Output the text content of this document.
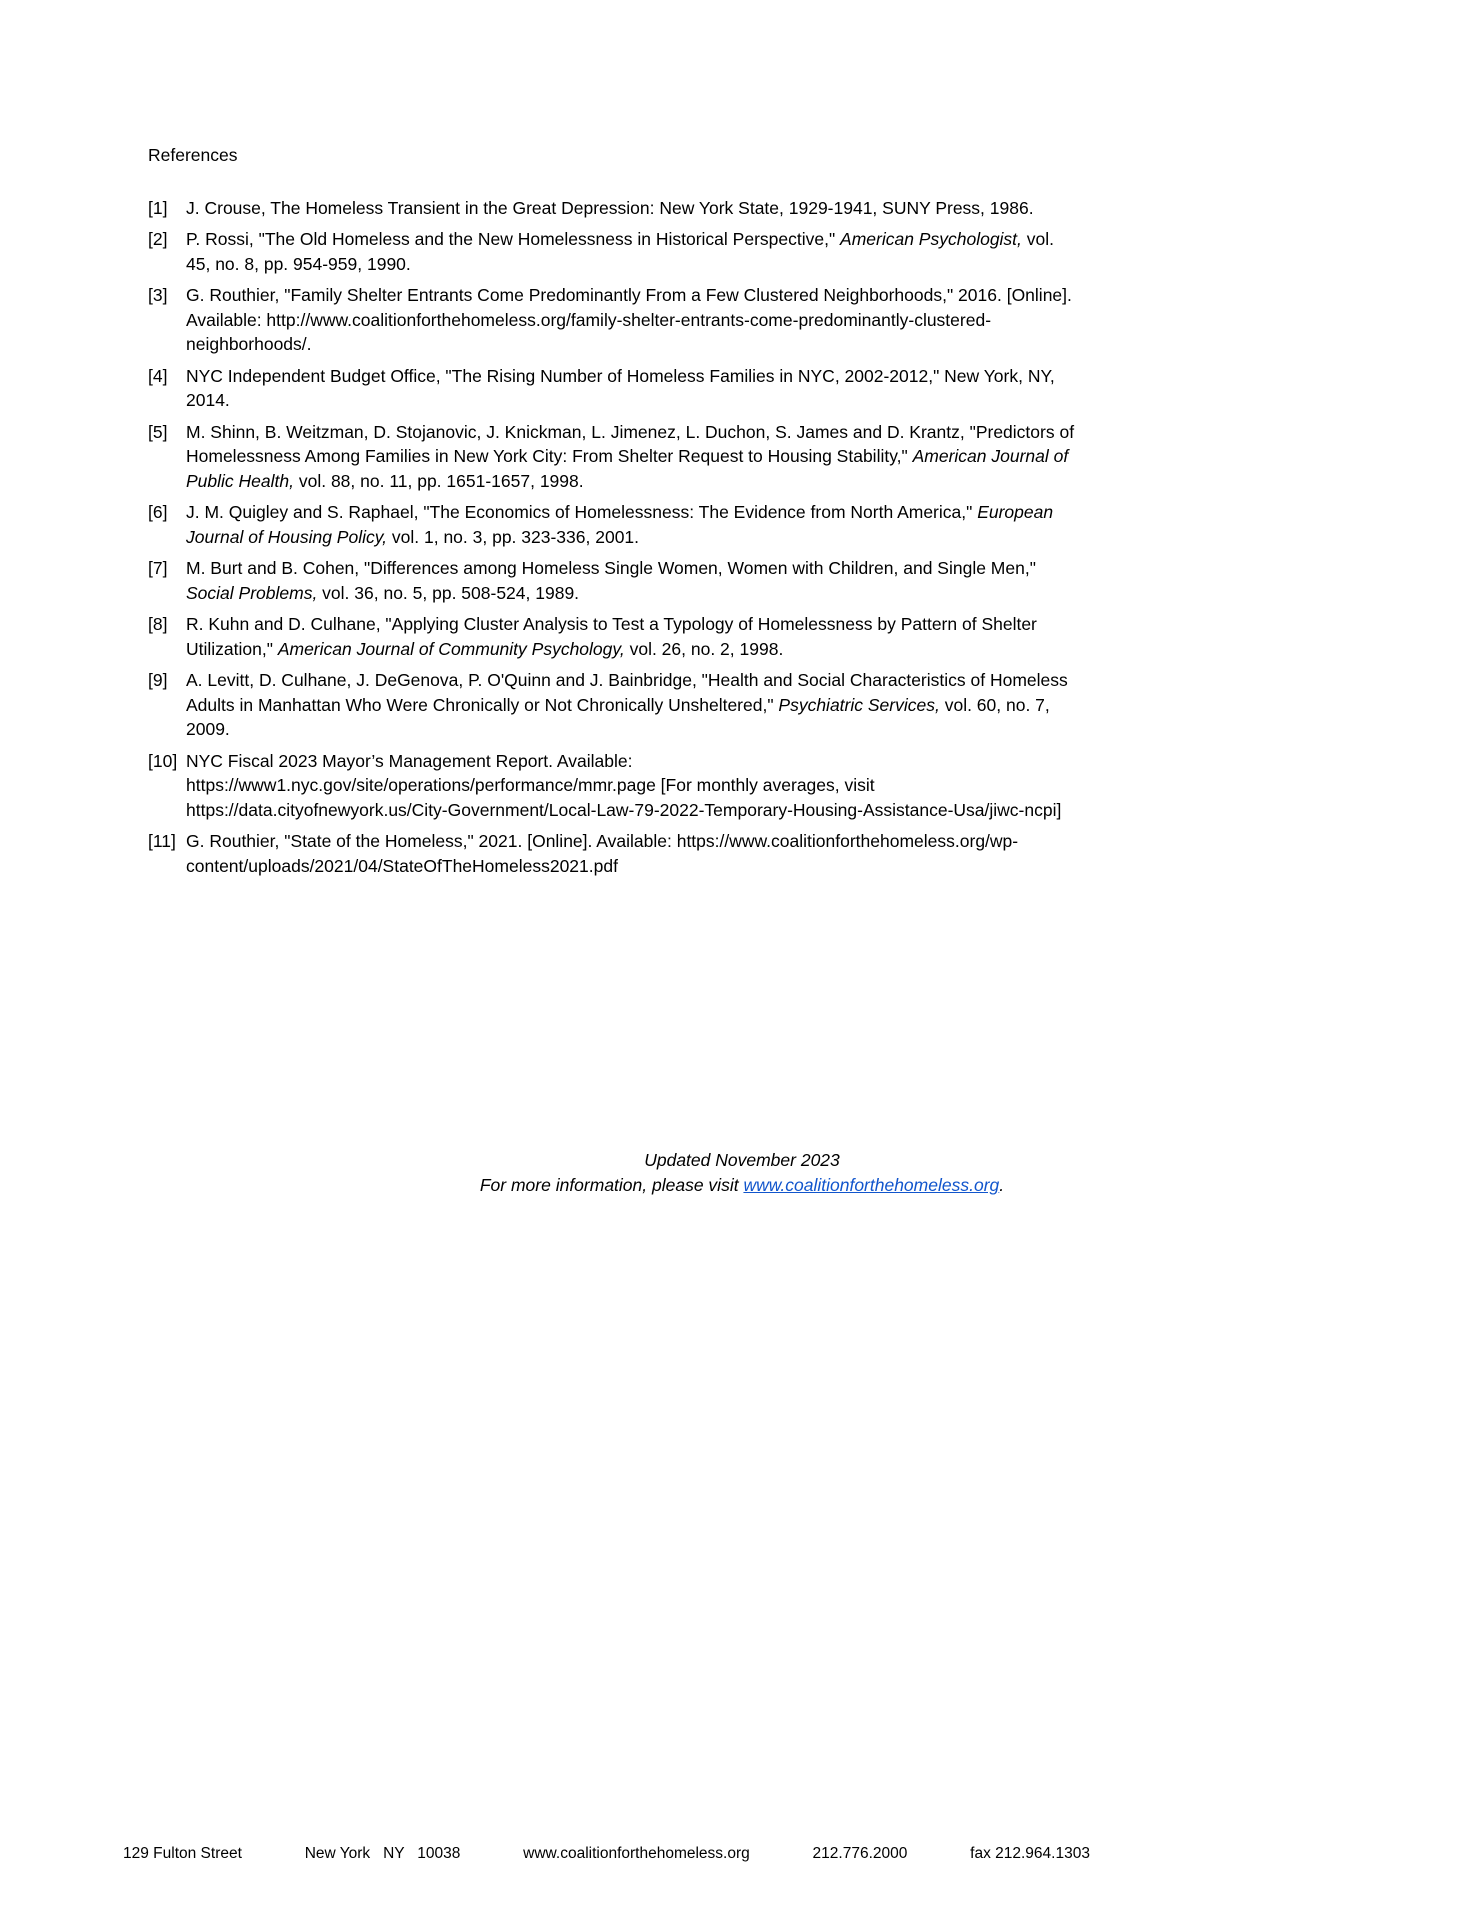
References
[1]	J. Crouse, The Homeless Transient in the Great Depression: New York State, 1929-1941, SUNY Press, 1986.
[2]	P. Rossi, "The Old Homeless and the New Homelessness in Historical Perspective," American Psychologist, vol. 45, no. 8, pp. 954-959, 1990.
[3]	G. Routhier, "Family Shelter Entrants Come Predominantly From a Few Clustered Neighborhoods," 2016. [Online]. Available: http://www.coalitionforthehomeless.org/family-shelter-entrants-come-predominantly-clustered-neighborhoods/.
[4]	NYC Independent Budget Office, "The Rising Number of Homeless Families in NYC, 2002-2012," New York, NY, 2014.
[5]	M. Shinn, B. Weitzman, D. Stojanovic, J. Knickman, L. Jimenez, L. Duchon, S. James and D. Krantz, "Predictors of Homelessness Among Families in New York City: From Shelter Request to Housing Stability," American Journal of Public Health, vol. 88, no. 11, pp. 1651-1657, 1998.
[6]	J. M. Quigley and S. Raphael, "The Economics of Homelessness: The Evidence from North America," European Journal of Housing Policy, vol. 1, no. 3, pp. 323-336, 2001.
[7]	M. Burt and B. Cohen, "Differences among Homeless Single Women, Women with Children, and Single Men," Social Problems, vol. 36, no. 5, pp. 508-524, 1989.
[8]	R. Kuhn and D. Culhane, "Applying Cluster Analysis to Test a Typology of Homelessness by Pattern of Shelter Utilization," American Journal of Community Psychology, vol. 26, no. 2, 1998.
[9]	A. Levitt, D. Culhane, J. DeGenova, P. O'Quinn and J. Bainbridge, "Health and Social Characteristics of Homeless Adults in Manhattan Who Were Chronically or Not Chronically Unsheltered," Psychiatric Services, vol. 60, no. 7, 2009.
[10] NYC Fiscal 2023 Mayor’s Management Report. Available: https://www1.nyc.gov/site/operations/performance/mmr.page [For monthly averages, visit https://data.cityofnewyork.us/City-Government/Local-Law-79-2022-Temporary-Housing-Assistance-Usa/jiwc-ncpi]
[11] G. Routhier, "State of the Homeless," 2021. [Online]. Available: https://www.coalitionforthehomeless.org/wp-content/uploads/2021/04/StateOfTheHomeless2021.pdf
Updated November 2023
For more information, please visit www.coalitionforthehomeless.org.
129 Fulton Street	New York   NY   10038	www.coalitionforthehomeless.org	212.776.2000	fax 212.964.1303
